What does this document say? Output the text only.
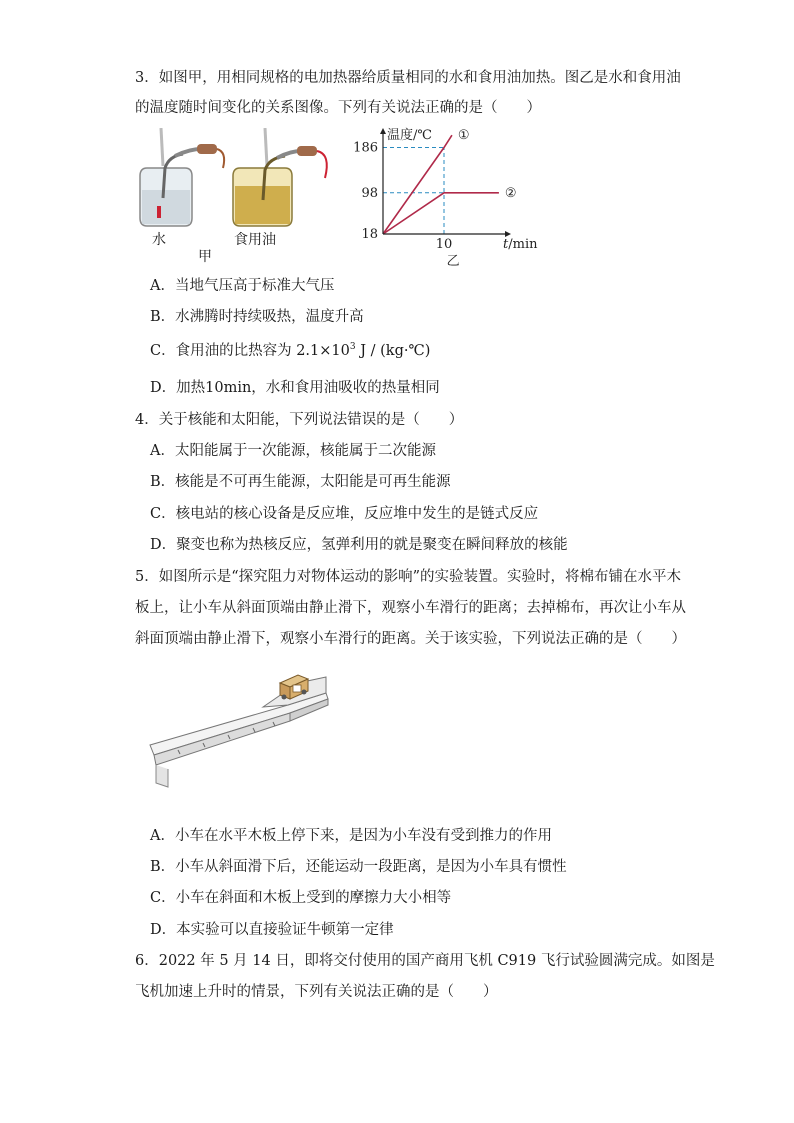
3．如图甲，用相同规格的电加热器给质量相同的水和食用油加热。图乙是水和食用油
的温度随时间变化的关系图像。下列有关说法正确的是（　　）
水	食用油
甲
①
②
18
98
186
10
温度/℃
t/min
乙
A．当地气压高于标准大气压
B．水沸腾时持续吸热，温度升高
C．食用油的比热容为 $2.1\times 10^3$ J / (kg·℃)
D．加热10min，水和食用油吸收的热量相同
4．关于核能和太阳能，下列说法错误的是（　　）
A．太阳能属于一次能源，核能属于二次能源
B．核能是不可再生能源，太阳能是可再生能源
C．核电站的核心设备是反应堆，反应堆中发生的是链式反应
D．聚变也称为热核反应，氢弹利用的就是聚变在瞬间释放的核能
5．如图所示是“探究阻力对物体运动的影响”的实验装置。实验时，将棉布铺在水平木
板上，让小车从斜面顶端由静止滑下，观察小车滑行的距离；去掉棉布，再次让小车从
斜面顶端由静止滑下，观察小车滑行的距离。关于该实验，下列说法正确的是（　　）
A．小车在水平木板上停下来，是因为小车没有受到推力的作用
B．小车从斜面滑下后，还能运动一段距离，是因为小车具有惯性
C．小车在斜面和木板上受到的摩擦力大小相等
D．本实验可以直接验证牛顿第一定律
6．2022 年 5 月 14 日，即将交付使用的国产商用飞机 C919 飞行试验圆满完成。如图是
飞机加速上升时的情景，下列有关说法正确的是（　　）
